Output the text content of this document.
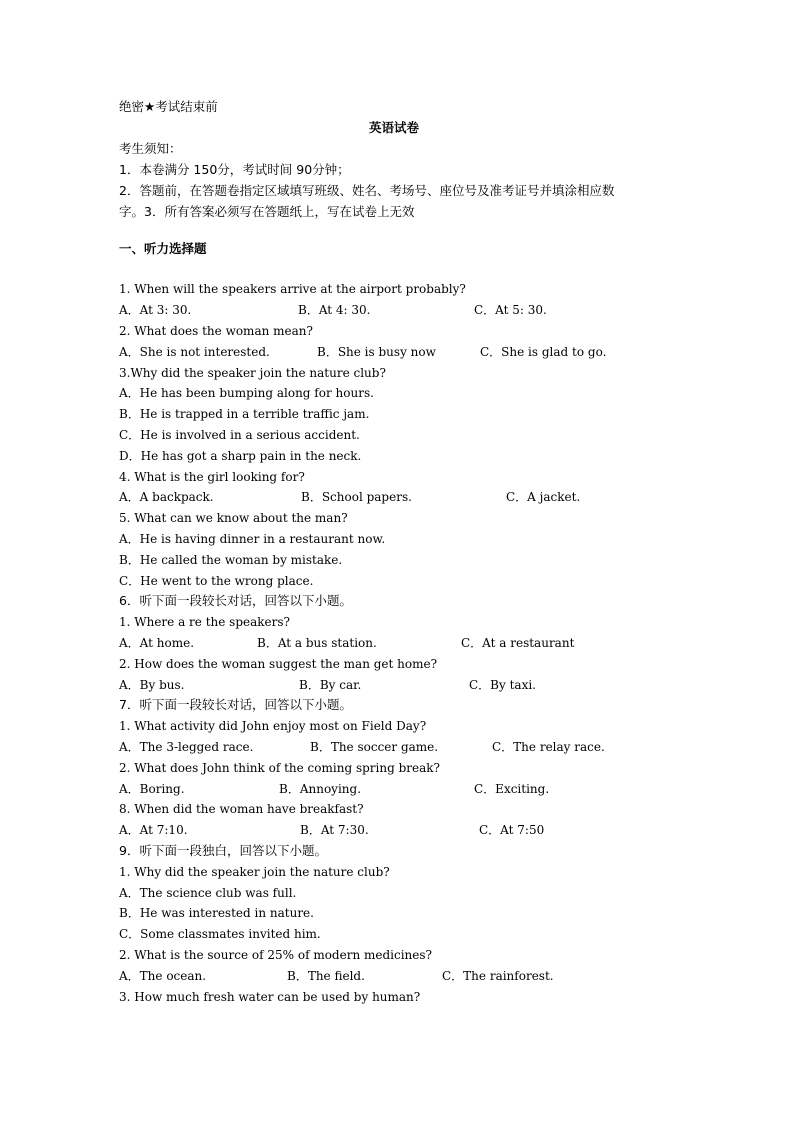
绝密★考试结束前
英语试卷
考生须知：
1．本卷满分 150分，考试时间 90分钟；
2．答题前，在答题卷指定区域填写班级、姓名、考场号、座位号及准考证号并填涂相应数
字。3．所有答案必须写在答题纸上，写在试卷上无效
一、听力选择题
1. When will the speakers arrive at the airport probably?
A．At 3: 30.	B．At 4: 30.	C．At 5: 30.
2. What does the woman mean?
A．She is not interested.	B．She is busy now	C．She is glad to go.
3.Why did the speaker join the nature club?
A．He has been bumping along for hours.
B．He is trapped in a terrible traffic jam.
C．He is involved in a serious accident.
D．He has got a sharp pain in the neck.
4. What is the girl looking for?
A．A backpack.	B．School papers.	C．A jacket.
5. What can we know about the man?
A．He is having dinner in a restaurant now.
B．He called the woman by mistake.
C．He went to the wrong place.
6．听下面一段较长对话，回答以下小题。
1. Where a re the speakers?
A．At home.	B．At a bus station.	C．At a restaurant
2. How does the woman suggest the man get home?
A．By bus.	B．By car.	C．By taxi.
7．听下面一段较长对话，回答以下小题。
1. What activity did John enjoy most on Field Day?
A．The 3-legged race.	B．The soccer game.	C．The relay race.
2. What does John think of the coming spring break?
A．Boring.	B．Annoying.	C．Exciting.
8. When did the woman have breakfast?
A．At 7:10.	B．At 7:30.	C．At 7:50
9．听下面一段独白，回答以下小题。
1. Why did the speaker join the nature club?
A．The science club was full.
B．He was interested in nature.
C．Some classmates invited him.
2. What is the source of 25% of modern medicines?
A．The ocean.	B．The field.	C．The rainforest.
3. How much fresh water can be used by human?
